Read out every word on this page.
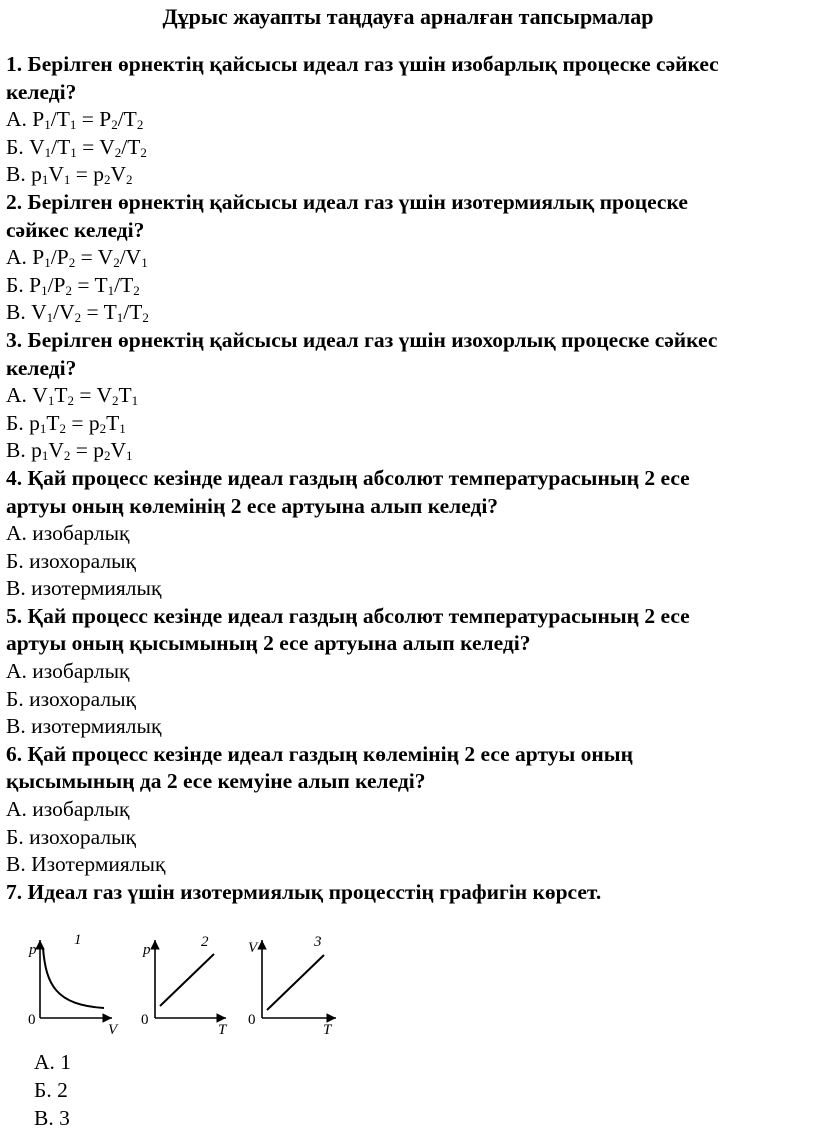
Дұрыс жауапты таңдауға арналған тапсырмалар
1. Берілген өрнектің қайсысы идеал газ үшін изобарлық процеске сәйкес
келеді?
А. $P_1/T_1 = P_2/T_2$
Б. $V_1/T_1 = V_2/T_2$
В. $p_1V_1 = p_2V_2$
2. Берілген өрнектің қайсысы идеал газ үшін изотермиялық процеске
сәйкес келеді?
А. $P_1/P_2 = V_2/V_1$
Б. $P_1/P_2 = T_1/T_2$
В. $V_1/V_2 = T_1/T_2$
3. Берілген өрнектің қайсысы идеал газ үшін изохорлық процеске сәйкес
келеді?
А. $V_1T_2 = V_2T_1$
Б. $p_1T_2 = p_2T_1$
В. $p_1V_2 = p_2V_1$
4. Қай процесс кезінде идеал газдың абсолют температурасының 2 есе
артуы оның көлемінің 2 есе артуына алып келеді?
А. изобарлық
Б. изохоралық
В. изотермиялық
5. Қай процесс кезінде идеал газдың абсолют температурасының 2 есе
артуы оның қысымының 2 есе артуына алып келеді?
А. изобарлық
Б. изохоралық
В. изотермиялық
6. Қай процесс кезінде идеал газдың көлемінің 2 есе артуы оның
қысымының да 2 есе кемуіне алып келеді?
А. изобарлық
Б. изохоралық
В. Изотермиялық
7. Идеал газ үшін изотермиялық процесстің графигін көрсет.
p
V
0
1
p
T
0
2	V
T
0
3
А. 1
Б. 2
В. 3
